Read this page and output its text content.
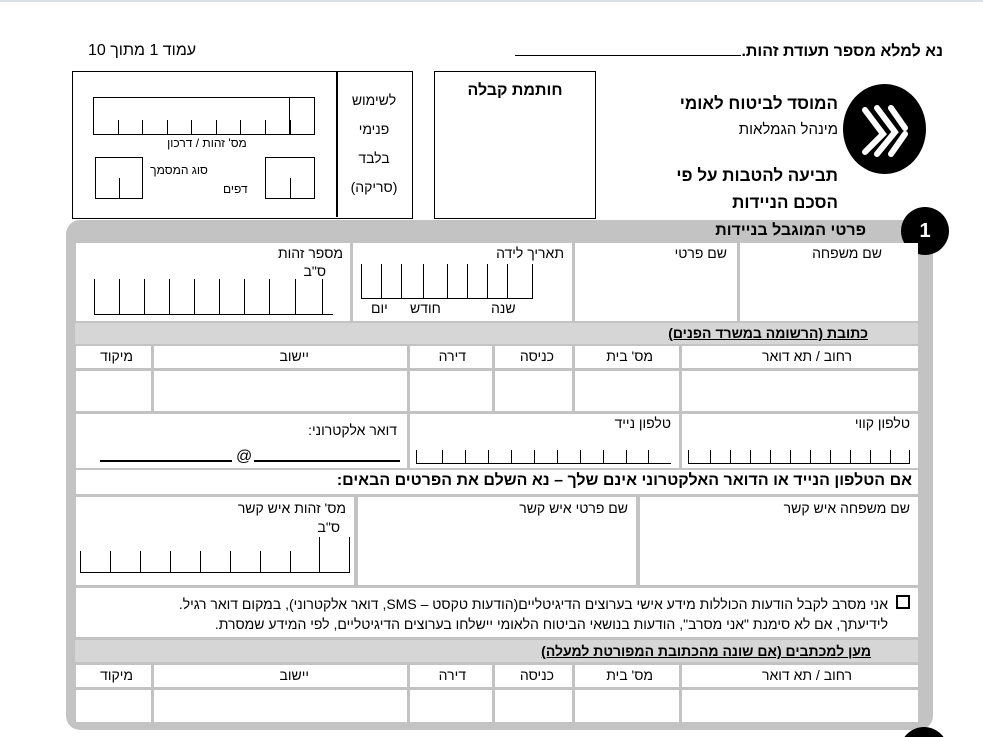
עמוד 1 מתוך 10	נא למלא מספר תעודת זהות.
לשימוש
פנימי
בלבד
(סריקה)
מס' זהות / דרכון
סוג המסמך
דפים
חותמת קבלה
המוסד לביטוח לאומי
מינהל הגמלאות
תביעה להטבות על פי
הסכם הניידות
פרטי המוגבל בניידות	1
שם משפחה
שם פרטי
תאריך לידה
שנה
חודש
יום
מספר זהות
ס"ב
כתובת (הרשומה במשרד הפנים)
רחוב / תא דואר
מס' בית
כניסה
דירה
יישוב
מיקוד
טלפון קווי
טלפון נייד
דואר אלקטרוני:
@
אם הטלפון הנייד או הדואר האלקטרוני אינם שלך – נא השלם את הפרטים הבאים:
שם משפחה איש קשר
שם פרטי איש קשר
מס' זהות איש קשר
ס"ב
אני מסרב לקבל הודעות הכוללות מידע אישי בערוצים הדיגיטליים(הודעות טקסט – SMS, דואר אלקטרוני), במקום דואר רגיל.
לידיעתך, אם לא סימנת "אני מסרב", הודעות בנושאי הביטוח הלאומי יישלחו בערוצים הדיגיטליים, לפי המידע שמסרת.
מען למכתבים (אם שונה מהכתובת המפורטת למעלה)
רחוב / תא דואר
מס' בית
כניסה
דירה
יישוב
מיקוד
